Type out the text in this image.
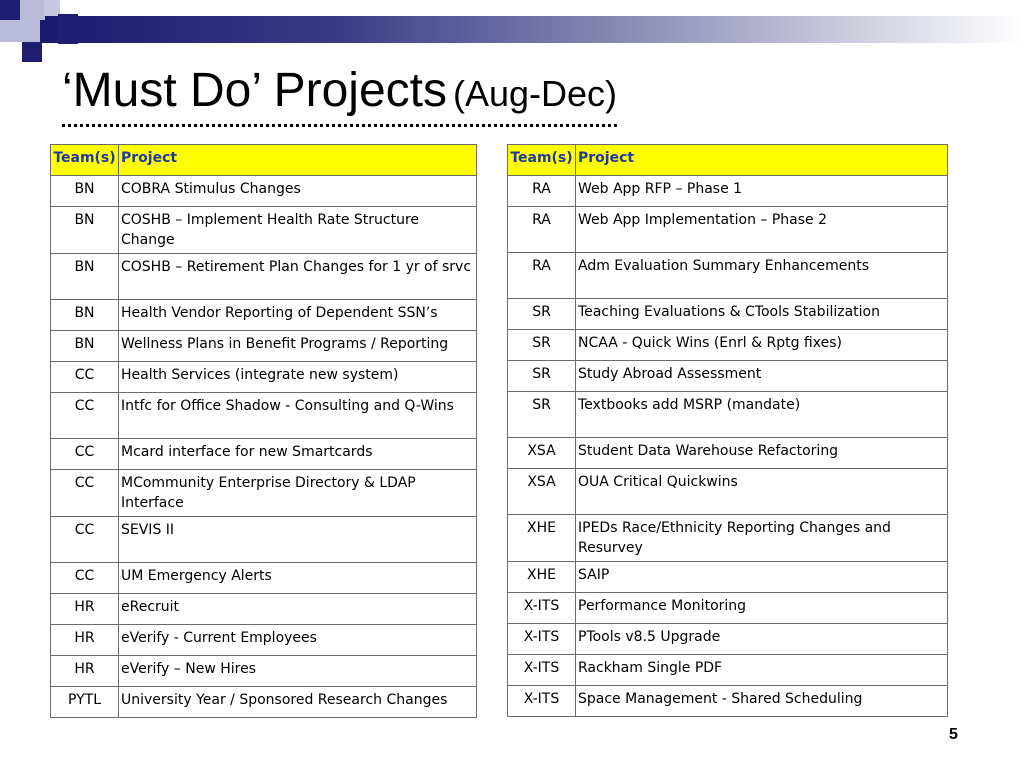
‘Must Do’ Projects (Aug-Dec)
Team(s)	Project
BN	COBRA Stimulus Changes
BN	COSHB – Implement Health Rate Structure Change
BN	COSHB – Retirement Plan Changes for 1 yr of srvc
BN	Health Vendor Reporting of Dependent SSN’s
BN	Wellness Plans in Benefit Programs / Reporting
CC	Health Services (integrate new system)
CC	Intfc for Office Shadow - Consulting and Q-Wins
CC	Mcard interface for new Smartcards
CC	MCommunity Enterprise Directory & LDAP Interface
CC	SEVIS II
CC	UM Emergency Alerts
HR	eRecruit
HR	eVerify - Current Employees
HR	eVerify – New Hires
PYTL	University Year / Sponsored Research Changes
Team(s)	Project
RA	Web App RFP – Phase 1
RA	Web App Implementation – Phase 2
RA	Adm Evaluation Summary Enhancements
SR	Teaching Evaluations & CTools Stabilization
SR	NCAA - Quick Wins (Enrl & Rptg fixes)
SR	Study Abroad Assessment
SR	Textbooks add MSRP (mandate)
XSA	Student Data Warehouse Refactoring
XSA	OUA Critical Quickwins
XHE	IPEDs Race/Ethnicity Reporting Changes and Resurvey
XHE	SAIP
X-ITS	Performance Monitoring
X-ITS	PTools v8.5 Upgrade
X-ITS	Rackham Single PDF
X-ITS	Space Management - Shared Scheduling
5
